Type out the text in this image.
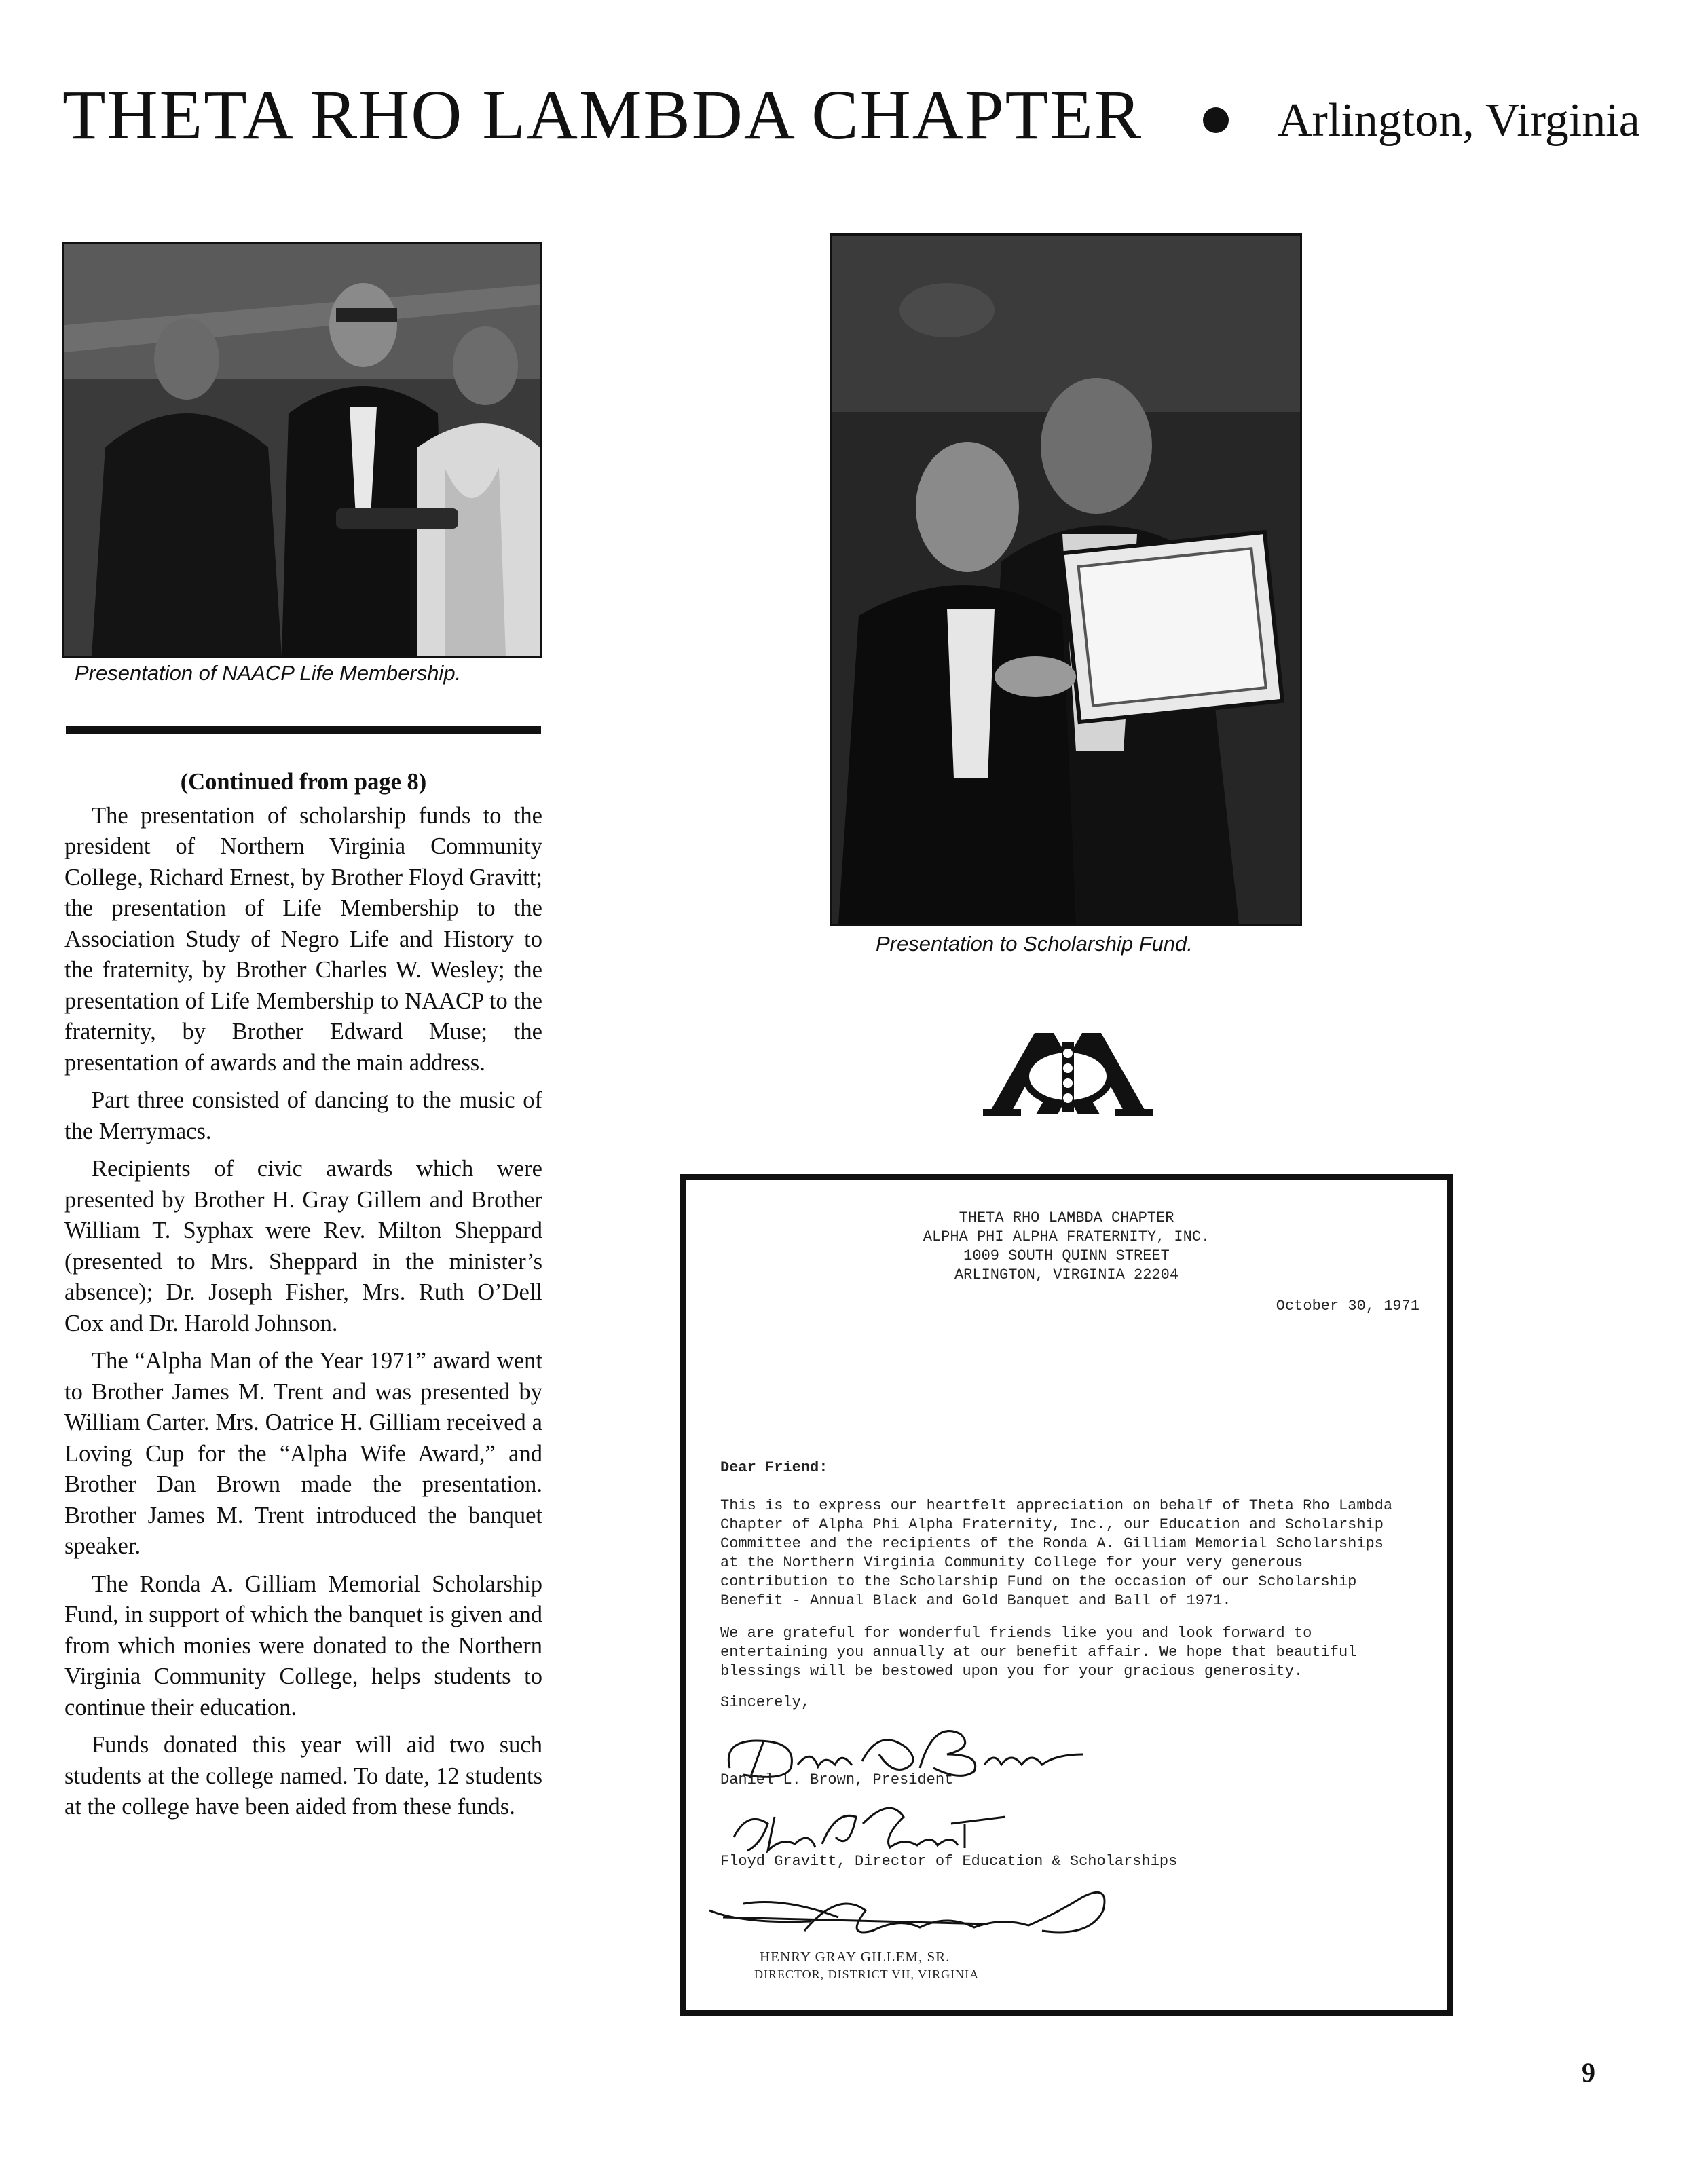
THETA RHO LAMBDA CHAPTER	Arlington, Virginia
Presentation of NAACP Life Membership.
Presentation to Scholarship Fund.
(Continued from page 8)

The presentation of scholarship funds to the president of Northern Virginia Community College, Richard Ernest, by Brother Floyd Gravitt; the presentation of Life Membership to the Association Study of Negro Life and History to the fraternity, by Brother Charles W. Wesley; the presentation of Life Membership to NAACP to the fraternity, by Brother Edward Muse; the presentation of awards and the main address.

Part three consisted of dancing to the music of the Merrymacs.

Recipients of civic awards which were presented by Brother H. Gray Gillem and Brother William T. Syphax were Rev. Milton Sheppard (presented to Mrs. Sheppard in the minister’s absence); Dr. Joseph Fisher, Mrs. Ruth O’Dell Cox and Dr. Harold Johnson.

The “Alpha Man of the Year 1971” award went to Brother James M. Trent and was presented by William Carter. Mrs. Oatrice H. Gilliam received a Loving Cup for the “Alpha Wife Award,” and Brother Dan Brown made the presentation. Brother James M. Trent introduced the banquet speaker.

The Ronda A. Gilliam Memorial Scholarship Fund, in support of which the banquet is given and from which monies were donated to the Northern Virginia Community College, helps students to continue their education.

Funds donated this year will aid two such students at the college named. To date, 12 students at the college have been aided from these funds.

THETA RHO LAMBDA CHAPTER
ALPHA PHI ALPHA FRATERNITY, INC.
1009 SOUTH QUINN STREET
ARLINGTON, VIRGINIA 22204
October 30, 1971
Dear Friend:

This is to express our heartfelt appreciation on behalf of Theta Rho Lambda Chapter of Alpha Phi Alpha Fraternity, Inc., our Education and Scholarship Committee and the recipients of the Ronda A. Gilliam Memorial Scholarships at the Northern Virginia Community College for your very generous contribution to the Scholarship Fund on the occasion of our Scholarship Benefit - Annual Black and Gold Banquet and Ball of 1971.

We are grateful for wonderful friends like you and look forward to entertaining you annually at our benefit affair. We hope that beautiful blessings will be bestowed upon you for your gracious generosity.

Sincerely,
Daniel L. Brown, President
Floyd Gravitt, Director of Education & Scholarships
HENRY GRAY GILLEM, SR.
DIRECTOR, DISTRICT VII, VIRGINIA
9
